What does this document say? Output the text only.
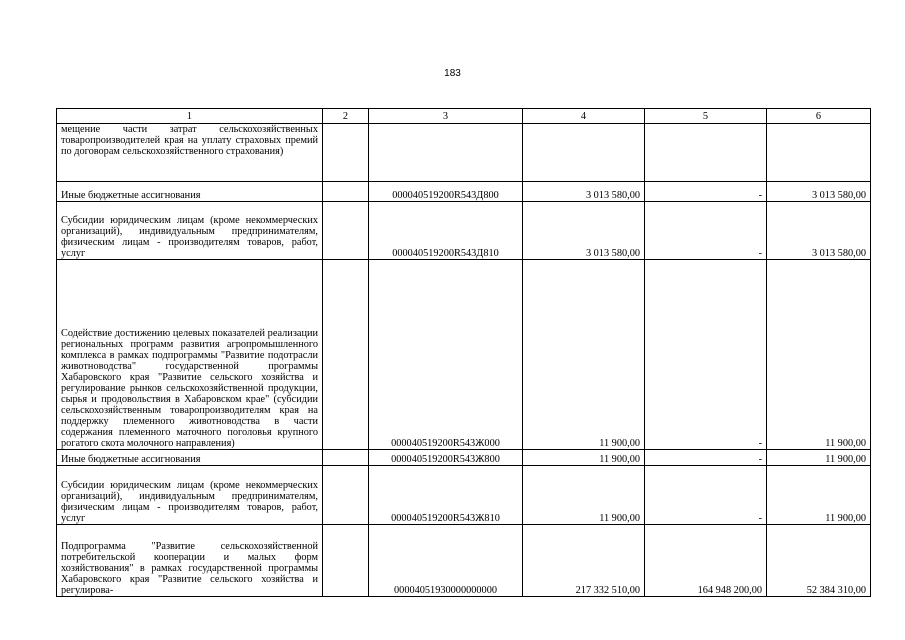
183
1	2	3	4	5	6
мещение части затрат сельскохозяйственных товаропроизводителей края на уплату страховых премий по договорам сельскохозяйственного страхования)					
Иные бюджетные ассигнования		000040519200R543Д800	3 013 580,00	-	3 013 580,00
Субсидии юридическим лицам (кроме некоммерческих организаций), индивидуальным предпринимателям, физическим лицам - производителям товаров, работ, услуг		000040519200R543Д810	3 013 580,00	-	3 013 580,00
Содействие достижению целевых показателей реализации региональных программ развития агропромышленного комплекса в рамках подпрограммы "Развитие подотрасли животноводства" государственной программы Хабаровского края "Развитие сельского хозяйства и регулирование рынков сельскохозяйственной продукции, сырья и продовольствия в Хабаровском крае" (субсидии сельскохозяйственным товаропроизводителям края на поддержку племенного животноводства в части содержания племенного маточного поголовья крупного рогатого скота молочного направления)		000040519200R543Ж000	11 900,00	-	11 900,00
Иные бюджетные ассигнования		000040519200R543Ж800	11 900,00	-	11 900,00
Субсидии юридическим лицам (кроме некоммерческих организаций), индивидуальным предпринимателям, физическим лицам - производителям товаров, работ, услуг		000040519200R543Ж810	11 900,00	-	11 900,00
Подпрограмма "Развитие сельскохозяйственной потребительской кооперации и малых форм хозяйствования" в рамках государственной программы Хабаровского края "Развитие сельского хозяйства и регулирова-		00004051930000000000	217 332 510,00	164 948 200,00	52 384 310,00
